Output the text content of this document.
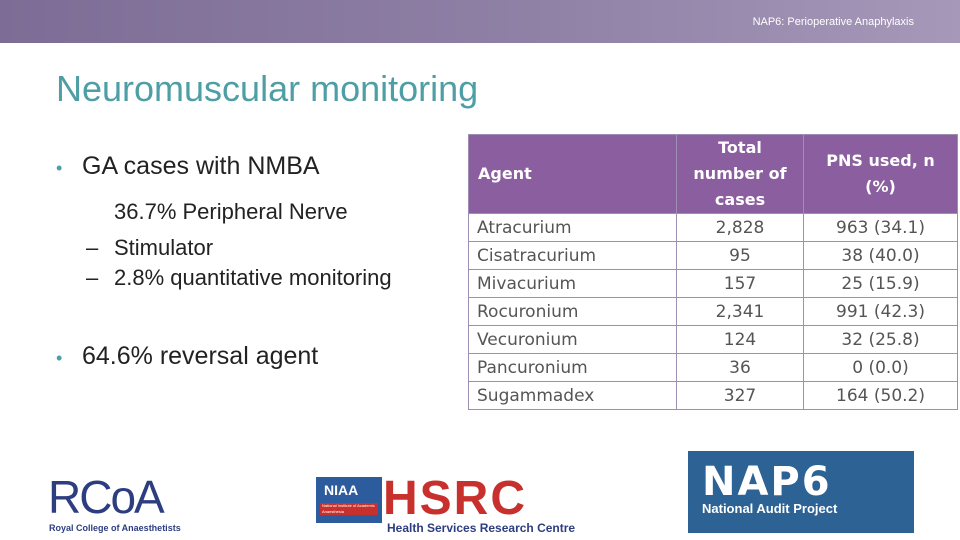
NAP6: Perioperative Anaphylaxis
Neuromuscular monitoring
• GA cases with NMBA
–36.7% Peripheral Nerve Stimulator
– 2.8% quantitative monitoring
• 64.6% reversal agent
Agent	Total number of cases	PNS used, n (%)
Atracurium	2,828	963 (34.1)
Cisatracurium	95	38 (40.0)
Mivacurium	157	25 (15.9)
Rocuronium	2,341	991 (42.3)
Vecuronium	124	32 (25.8)
Pancuronium	36	0 (0.0)
Sugammadex	327	164 (50.2)
RCoA
Royal College of Anaesthetists
NIAA
National Institute of Academic Anaesthesia HSRC
Health Services Research Centre
NAP6
National Audit Project
